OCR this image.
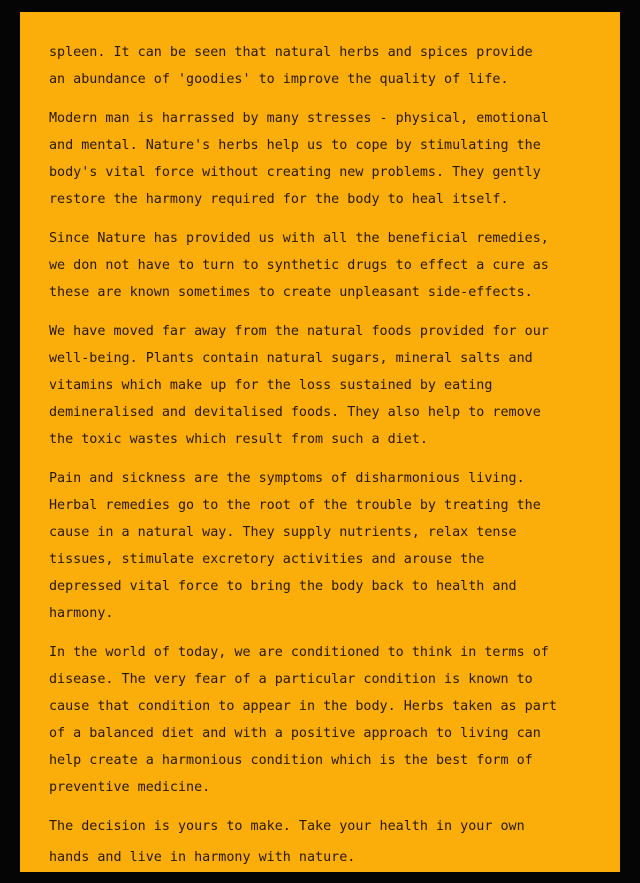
spleen. It can be seen that natural herbs and spices provide
an abundance of 'goodies' to improve the quality of life.
Modern man is harrassed by many stresses - physical, emotional
and mental. Nature's herbs help us to cope by stimulating the
body's vital force without creating new problems. They gently
restore the harmony required for the body to heal itself.
Since Nature has provided us with all the beneficial remedies,
we don not have to turn to synthetic drugs to effect a cure as
these are known sometimes to create unpleasant side-effects.
We have moved far away from the natural foods provided for our
well-being. Plants contain natural sugars, mineral salts and
vitamins which make up for the loss sustained by eating
demineralised and devitalised foods. They also help to remove
the toxic wastes which result from such a diet.
Pain and sickness are the symptoms of disharmonious living.
Herbal remedies go to the root of the trouble by treating the
cause in a natural way. They supply nutrients, relax tense
tissues, stimulate excretory activities and arouse the
depressed vital force to bring the body back to health and
harmony.
In the world of today, we are conditioned to think in terms of
disease. The very fear of a particular condition is known to
cause that condition to appear in the body. Herbs taken as part
of a balanced diet and with a positive approach to living can
help create a harmonious condition which is the best form of
preventive medicine.
The decision is yours to make. Take your health in your own
hands and live in harmony with nature.
